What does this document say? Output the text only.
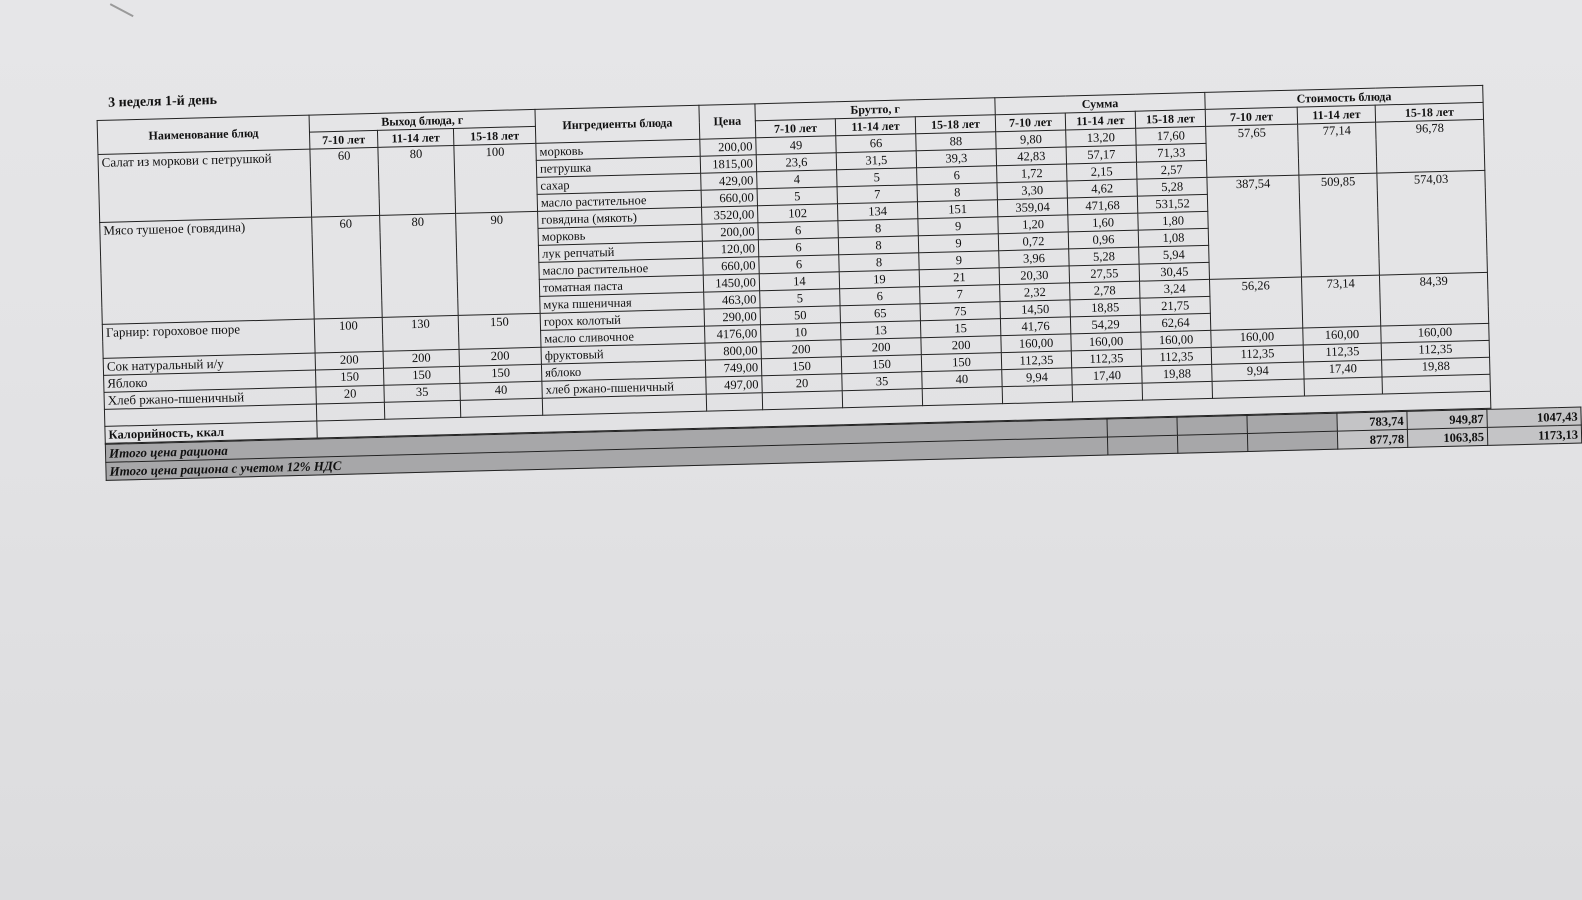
3 неделя 1-й день
Наименование блюд	Выход блюда, г			Ингредиенты блюда	Цена	Брутто, г			Сумма			Стоимость блюда		
	7-10 лет	11-14 лет	15-18 лет			7-10 лет	11-14 лет	15-18 лет	7-10 лет	11-14 лет	15-18 лет	7-10 лет	11-14 лет	15-18 лет
Салат из моркови с петрушкой	60	80	100	морковь	200,00	49	66	88	9,80	13,20	17,60	57,65	77,14	96,78
				петрушка	1815,00	23,6	31,5	39,3	42,83	57,17	71,33			
				сахар	429,00	4	5	6	1,72	2,15	2,57			
				масло растительное	660,00	5	7	8	3,30	4,62	5,28	387,54	509,85	574,03
Мясо тушеное (говядина)	60	80	90	говядина (мякоть)	3520,00	102	134	151	359,04	471,68	531,52			
				морковь	200,00	6	8	9	1,20	1,60	1,80			
				лук репчатый	120,00	6	8	9	0,72	0,96	1,08			
				масло растительное	660,00	6	8	9	3,96	5,28	5,94			
				томатная паста	1450,00	14	19	21	20,30	27,55	30,45			
				мука пшеничная	463,00	5	6	7	2,32	2,78	3,24	56,26	73,14	84,39
Гарнир: гороховое пюре	100	130	150	горох колотый	290,00	50	65	75	14,50	18,85	21,75			
				масло сливочное	4176,00	10	13	15	41,76	54,29	62,64			
Сок натуральный и/у	200	200	200	фруктовый	800,00	200	200	200	160,00	160,00	160,00	160,00	160,00	160,00
Яблоко	150	150	150	яблоко	749,00	150	150	150	112,35	112,35	112,35	112,35	112,35	112,35
Хлеб ржано-пшеничный	20	35	40	хлеб ржано-пшеничный	497,00	20	35	40	9,94	17,40	19,88	9,94	17,40	19,88

Калорийность, ккал														
Итого цена рациона				783,74	949,87	1047,43
Итого цена рациона с учетом 12% НДС				877,78	1063,85	1173,13
